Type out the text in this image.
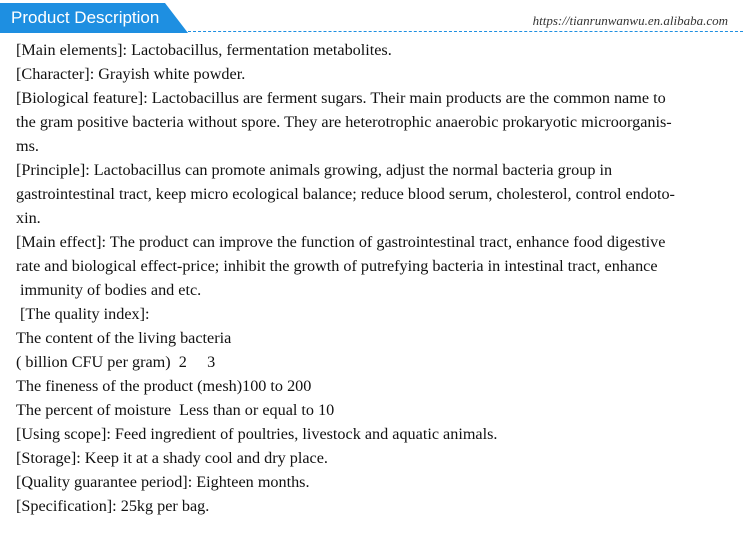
Product Description	https://tianrunwanwu.en.alibaba.com
[Main elements]: Lactobacillus, fermentation metabolites.
[Character]: Grayish white powder.
[Biological feature]: Lactobacillus are ferment sugars. Their main products are the common name to
the gram positive bacteria without spore. They are heterotrophic anaerobic prokaryotic microorganis-
ms.
[Principle]: Lactobacillus can promote animals growing, adjust the normal bacteria group in
gastrointestinal tract, keep micro ecological balance; reduce blood serum, cholesterol, control endoto-
xin.
[Main effect]: The product can improve the function of gastrointestinal tract, enhance food digestive
rate and biological effect-price; inhibit the growth of putrefying bacteria in intestinal tract, enhance
immunity of bodies and etc.
[The quality index]:
The content of the living bacteria
( billion CFU per gram)  2     3
The fineness of the product (mesh)100 to 200
The percent of moisture  Less than or equal to 10
[Using scope]: Feed ingredient of poultries, livestock and aquatic animals.
[Storage]: Keep it at a shady cool and dry place.
[Quality guarantee period]: Eighteen months.
[Specification]: 25kg per bag.
